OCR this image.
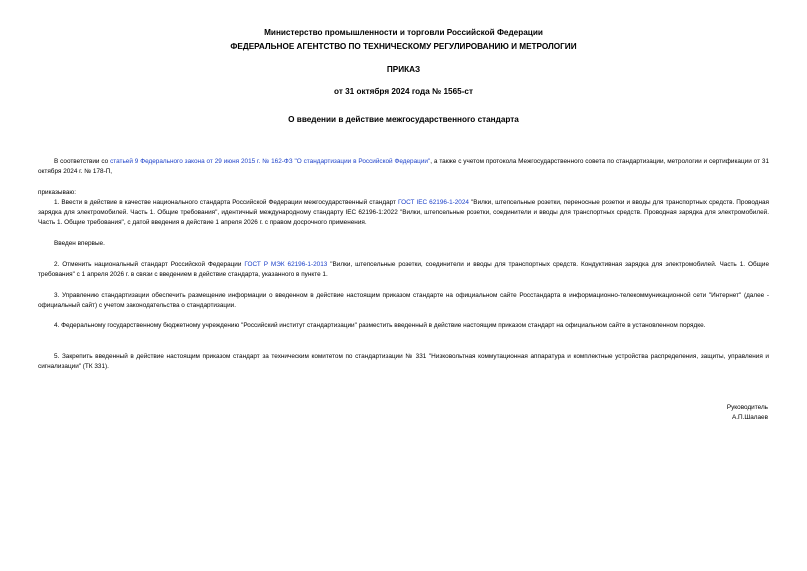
Министерство промышленности и торговли Российской Федерации
ФЕДЕРАЛЬНОЕ АГЕНТСТВО ПО ТЕХНИЧЕСКОМУ РЕГУЛИРОВАНИЮ И МЕТРОЛОГИИ
ПРИКАЗ
от 31 октября 2024 года № 1565-ст
О введении в действие межгосударственного стандарта
В соответствии со статьей 9 Федерального закона от 29 июня 2015 г. № 162-ФЗ "О стандартизации в Российской Федерации", а также с учетом протокола Межгосударственного совета по стандартизации, метрологии и сертификации от 31 октября 2024 г. № 178-П,
приказываю:
1. Ввести в действие в качестве национального стандарта Российской Федерации межгосударственный стандарт ГОСТ IEC 62196-1-2024 "Вилки, штепсельные розетки, переносные розетки и вводы для транспортных средств. Проводная зарядка для электромобилей. Часть 1. Общие требования", идентичный международному стандарту IEC 62196-1:2022 "Вилки, штепсельные розетки, соединители и вводы для транспортных средств. Проводная зарядка для электромобилей. Часть 1. Общие требования", с датой введения в действие 1 апреля 2026 г. с правом досрочного применения.
Введен впервые.
2. Отменить национальный стандарт Российской Федерации ГОСТ Р МЭК 62196-1-2013 "Вилки, штепсельные розетки, соединители и вводы для транспортных средств. Кондуктивная зарядка для электромобилей. Часть 1. Общие требования" с 1 апреля 2026 г. в связи с введением в действие стандарта, указанного в пункте 1.
3. Управлению стандартизации обеспечить размещение информации о введенном в действие настоящим приказом стандарте на официальном сайте Росстандарта в информационно-телекоммуникационной сети "Интернет" (далее - официальный сайт) с учетом законодательства о стандартизации.
4. Федеральному государственному бюджетному учреждению "Российский институт стандартизации" разместить введенный в действие настоящим приказом стандарт на официальном сайте в установленном порядке.
5. Закрепить введенный в действие настоящим приказом стандарт за техническим комитетом по стандартизации № 331 "Низковольтная коммутационная аппаратура и комплектные устройства распределения, защиты, управления и сигнализации" (ТК 331).
Руководитель
А.П.Шалаев
